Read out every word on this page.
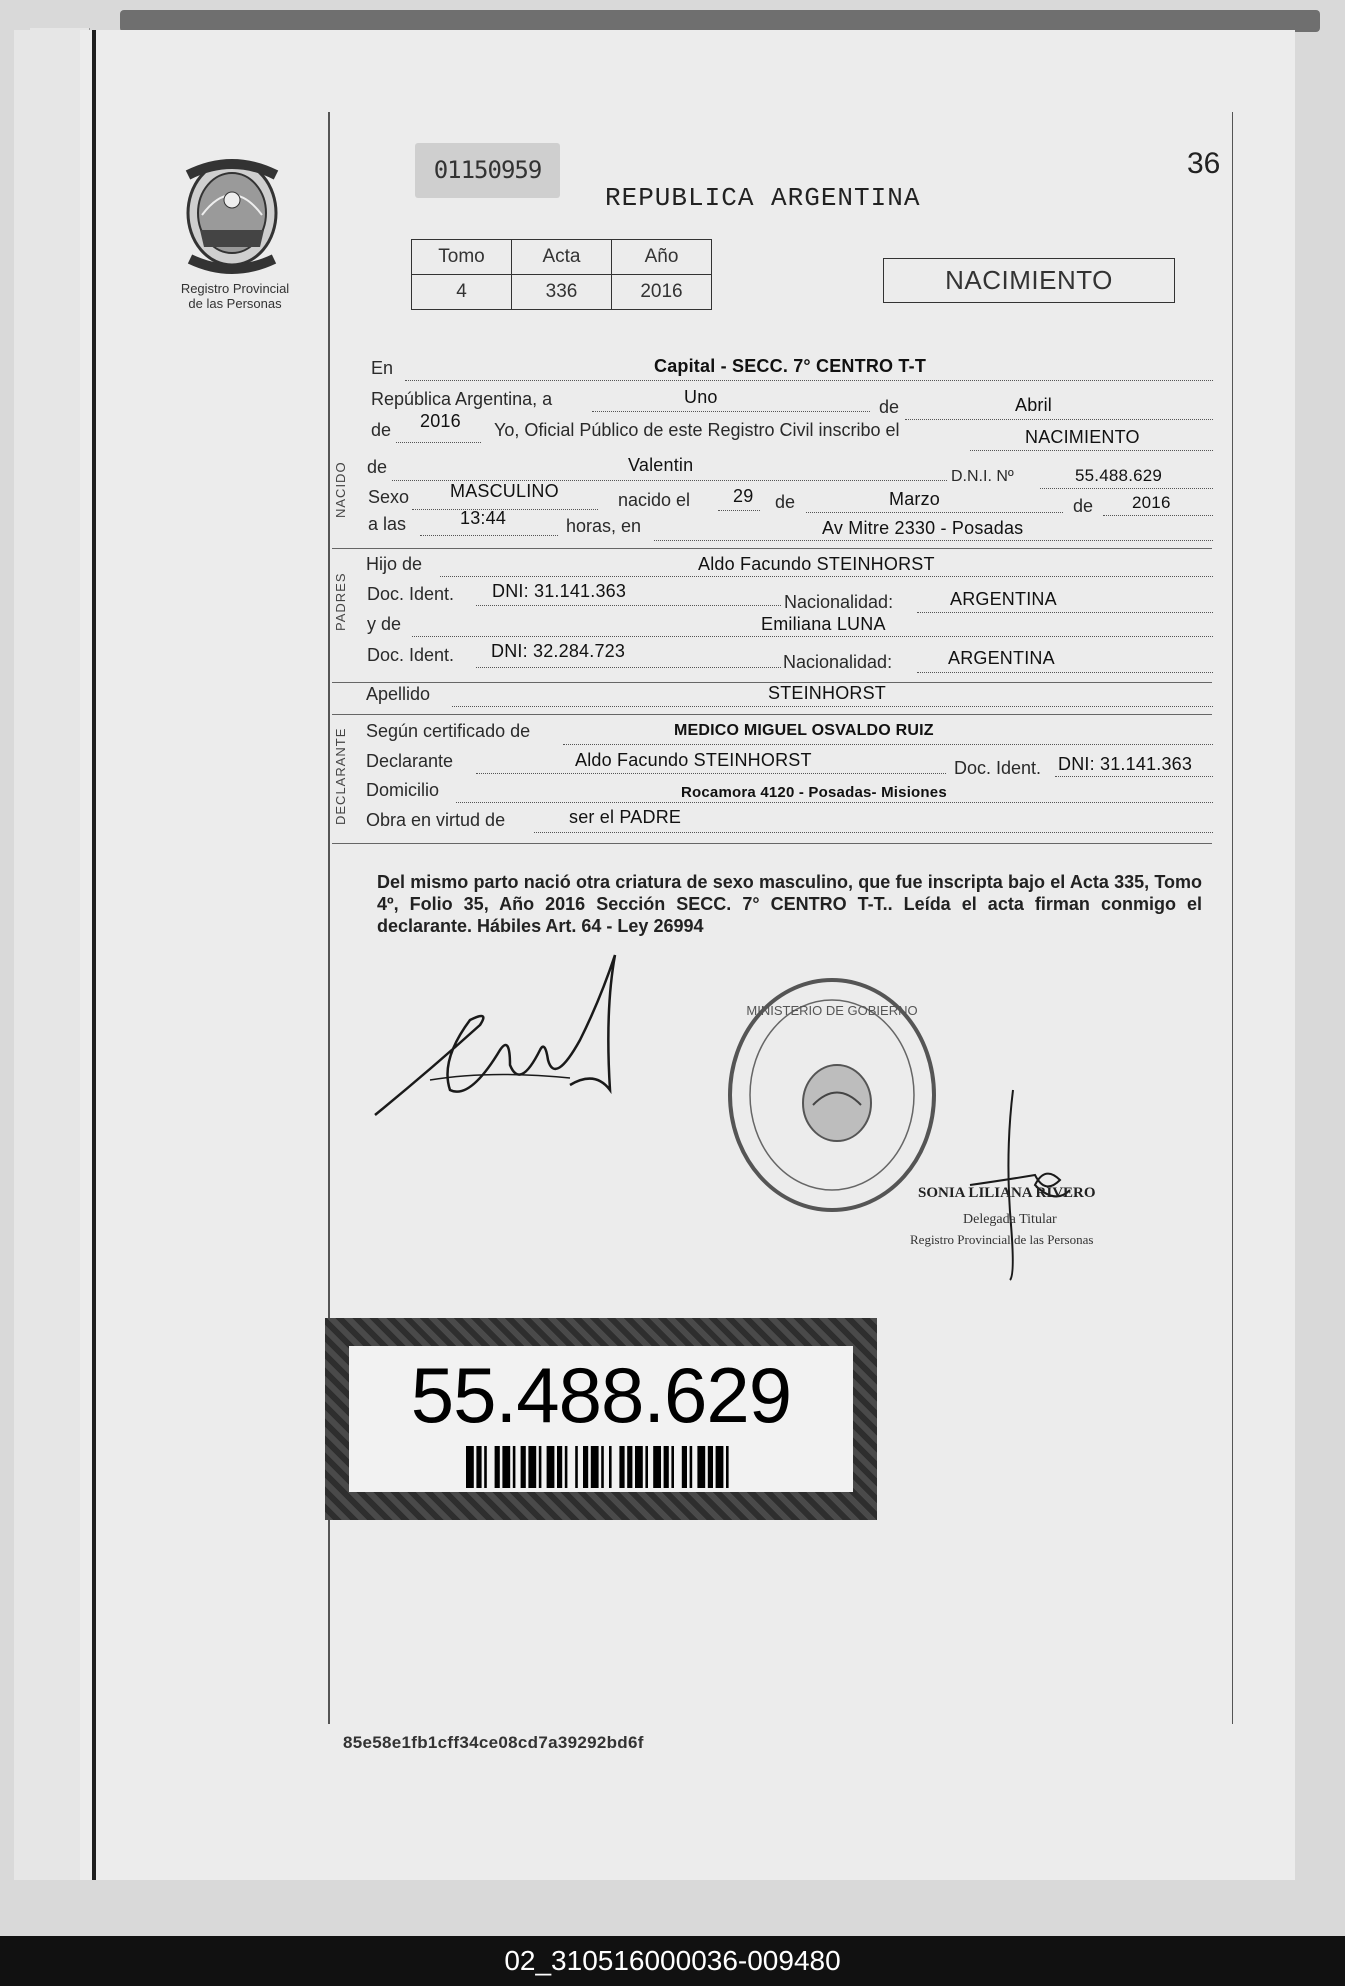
Registro Provincial
de las Personas
01150959
REPUBLICA ARGENTINA
36
Tomo	Acta	Año
4	336	2016	NACIMIENTO
En	Capital - SECC. 7° CENTRO T-T
República Argentina, a	Uno	de	Abril
de 2016 Yo, Oficial Público de este Registro Civil inscribo el	NACIMIENTO
NACIDO de	Valentin
D.N.I. Nº	55.488.629
Sexo MASCULINO	nacido el 29 de	Marzo	de 2016
a las	13:44	horas, en	Av Mitre 2330 - Posadas
PADRES
Hijo de	Aldo Facundo STEINHORST
Doc. Ident. DNI: 31.141.363
Nacionalidad:	ARGENTINA
y de	Emiliana LUNA
Doc. Ident. DNI: 32.284.723
Nacionalidad:	ARGENTINA
Apellido	STEINHORST
DECLARANTE Según certificado de	MEDICO MIGUEL OSVALDO RUIZ
Declarante	Aldo Facundo STEINHORST	Doc. Ident. DNI: 31.141.363
Domicilio	Rocamora 4120 - Posadas- Misiones
Obra en virtud de	ser el PADRE
Del mismo parto nació otra criatura de sexo masculino, que fue inscripta bajo el Acta 335, Tomo 4º, Folio 35, Año 2016 Sección SECC. 7° CENTRO T-T.. Leída el acta firman conmigo el declarante. Hábiles Art. 64 - Ley 26994
MINISTERIO DE GOBIERNO
SONIA LILIANA RIVERO
Delegada Titular
Registro Provincial de las Personas
55.488.629
85e58e1fb1cff34ce08cd7a39292bd6f
02_310516000036-009480
